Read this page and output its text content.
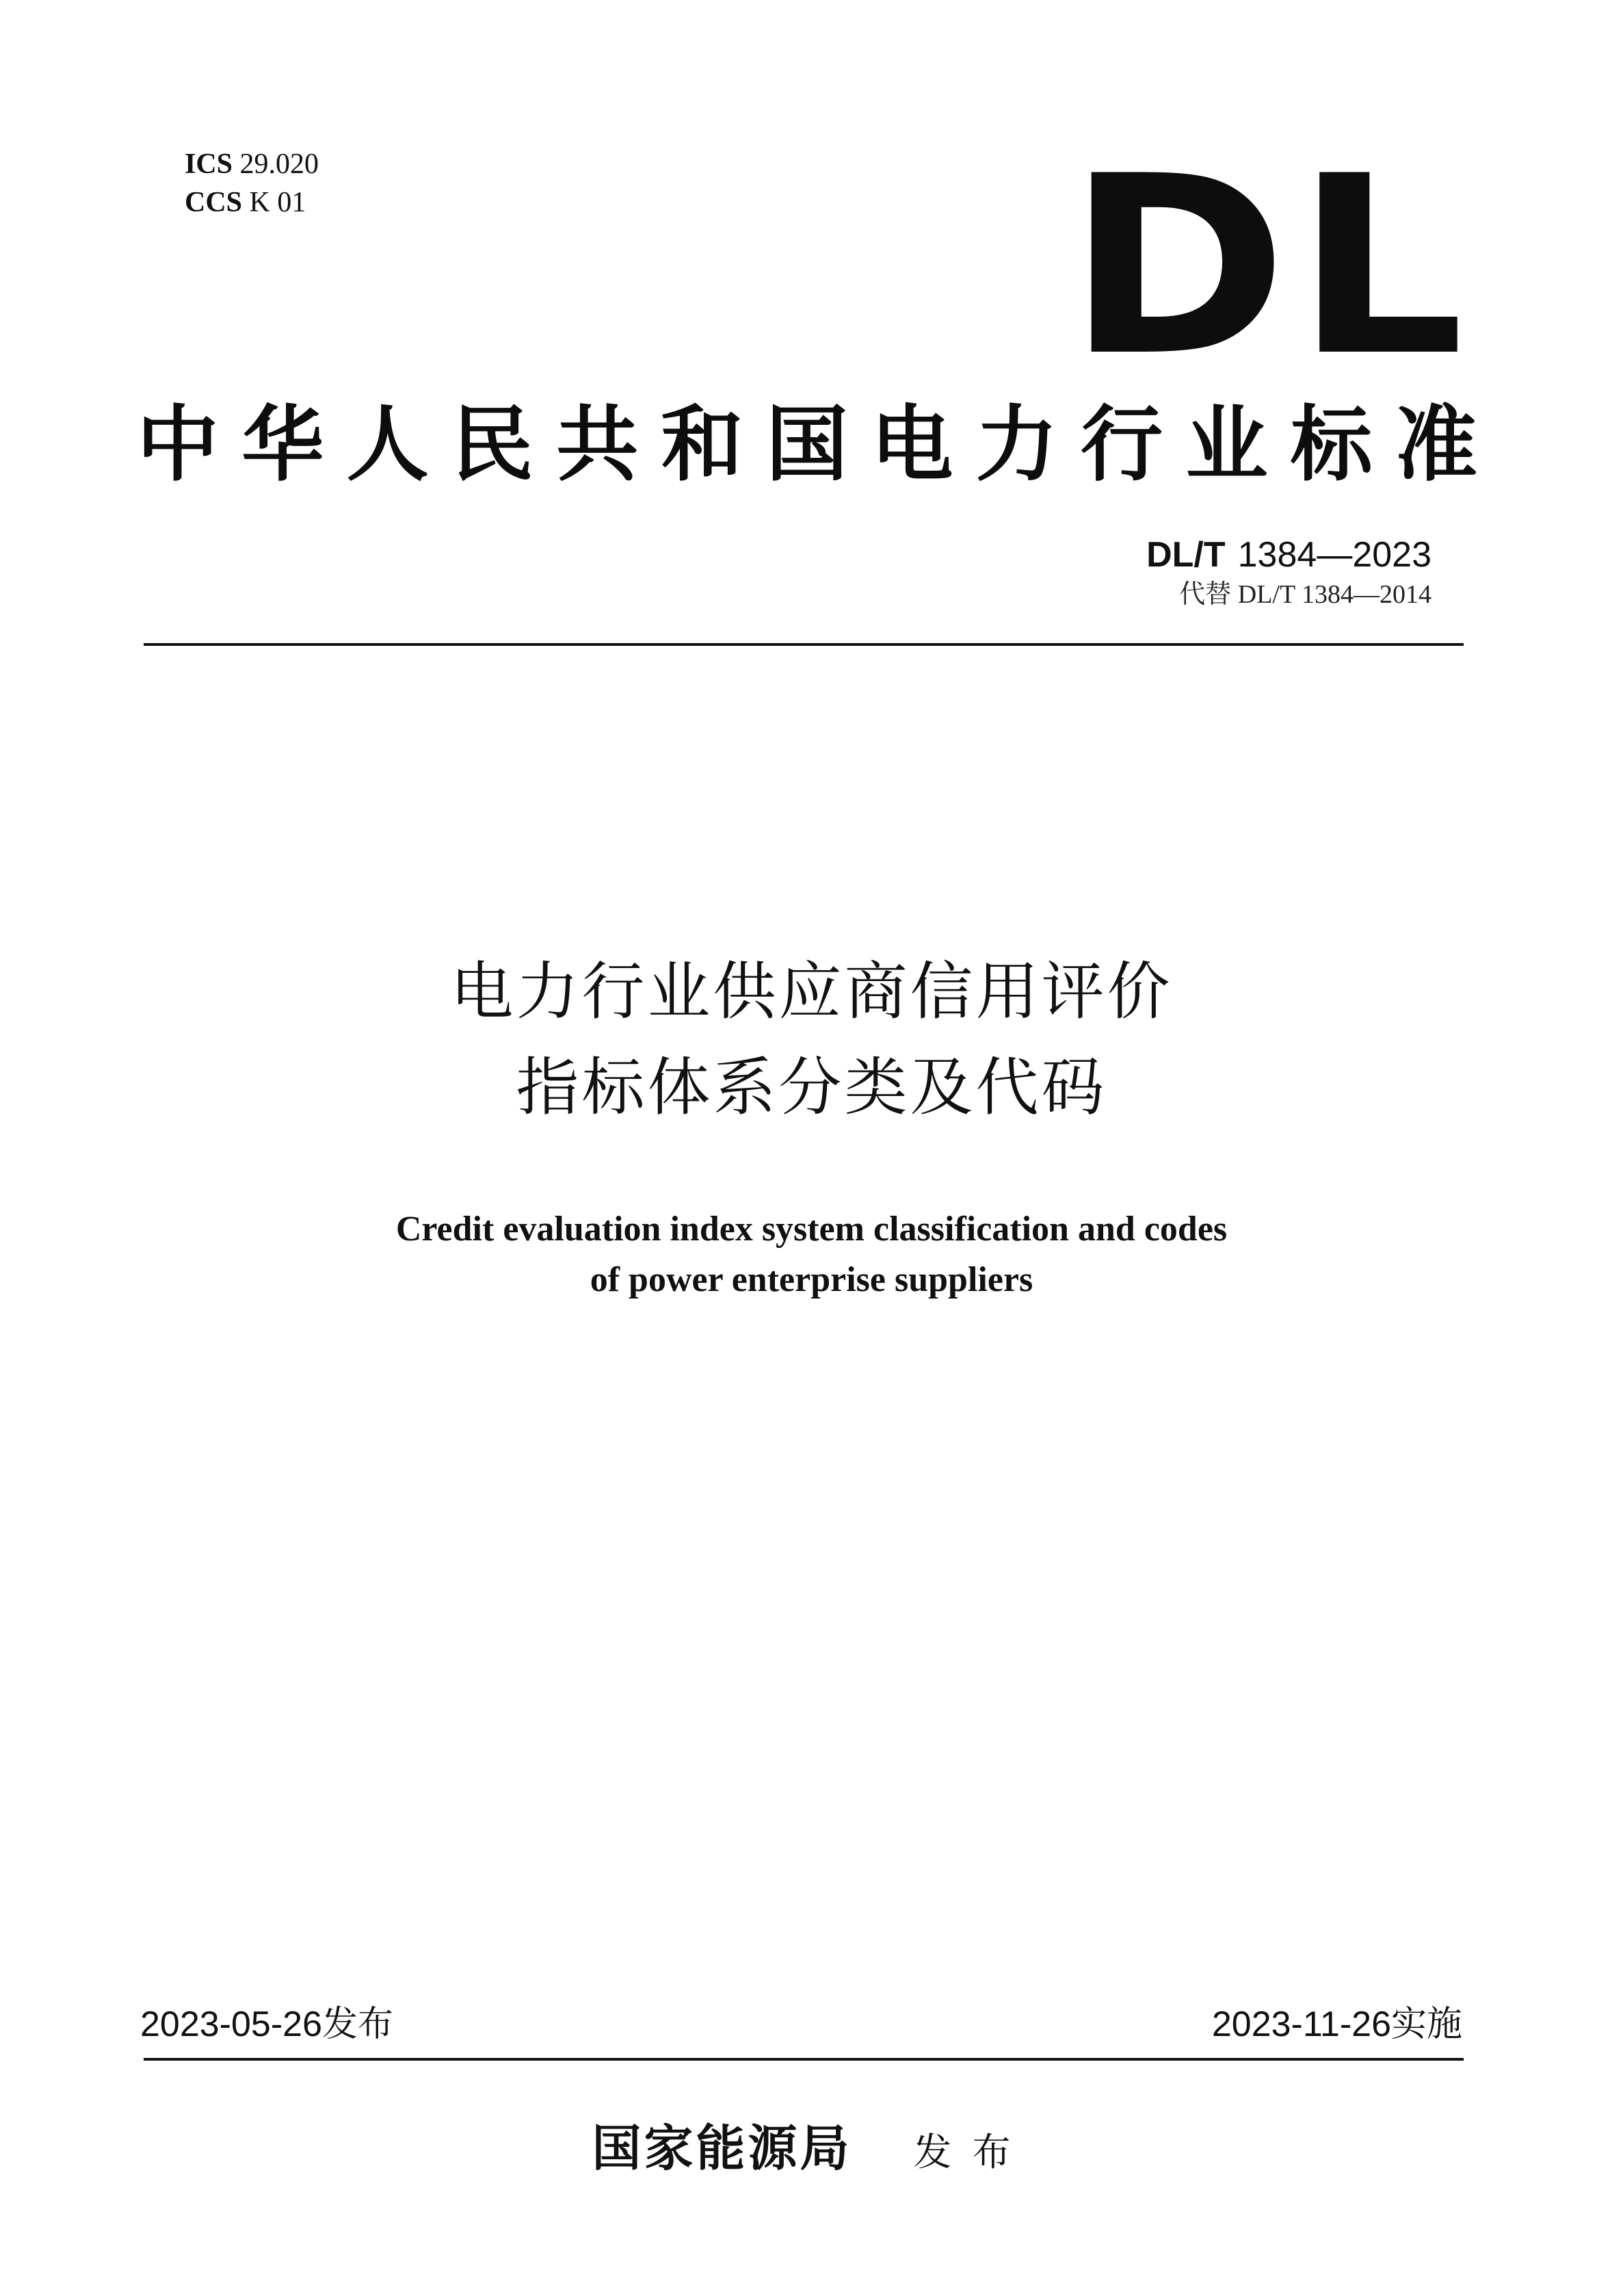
ICS 29.020
CCS K 01	DL
中华人民共和国电力行业标准
DL/T 1384—2023
代替 DL/T 1384—2014
电力行业供应商信用评价
指标体系分类及代码
Credit evaluation index system classification and codes
of power enterprise suppliers
2023-05-26发布	2023-11-26实施
国家能源局 发布
